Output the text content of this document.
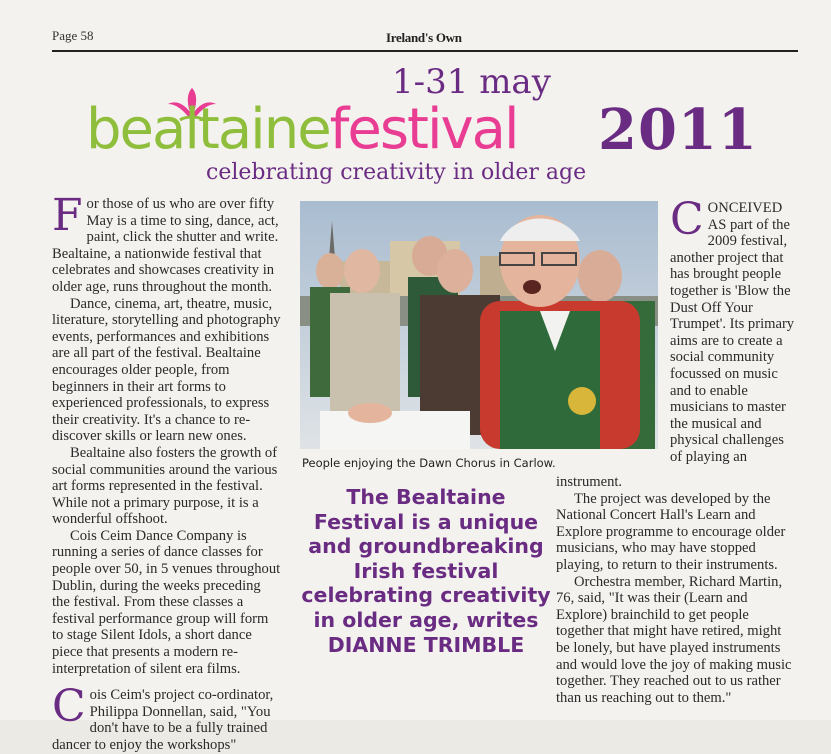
Page 58	Ireland's Own
1-31 may
bealtainefestival 2011
celebrating creativity in older age
F or those of us who are over fifty May is a time to sing, dance, act, paint, click the shutter and write. Bealtaine, a nationwide festival that celebrates and showcases creativity in older age, runs throughout the month.

Dance, cinema, art, theatre, music, literature, storytelling and photography events, performances and exhibitions are all part of the festival. Bealtaine encourages older people, from beginners in their art forms to experienced professionals, to express their creativity. It's a chance to re-discover skills or learn new ones.

Bealtaine also fosters the growth of social communities around the various art forms represented in the festival. While not a primary purpose, it is a wonderful offshoot.

Cois Ceim Dance Company is running a series of dance classes for people over 50, in 5 venues throughout Dublin, during the weeks preceding the festival. From these classes a festival performance group will form to stage Silent Idols, a short dance piece that presents a modern re-interpretation of silent era films.

C ois Ceim's project co-ordinator, Philippa Donnellan, said, "You don't have to be a fully trained dancer to enjoy the workshops"

People enjoying the Dawn Chorus in Carlow.
C ONCEIVED AS part of the 2009 festival, another project that has brought people together is 'Blow the Dust Off Your Trumpet'. Its primary aims are to create a social community focussed on music and to enable musicians to master the musical and physical challenges of playing an

The Bealtaine Festival is a unique and groundbreaking Irish festival celebrating creativity in older age, writes
DIANNE TRIMBLE

instrument.

The project was developed by the National Concert Hall's Learn and Explore programme to encourage older musicians, who may have stopped playing, to return to their instruments.

Orchestra member, Richard Martin, 76, said, "It was their (Learn and Explore) brainchild to get people together that might have retired, might be lonely, but have played instruments and would love the joy of making music together. They reached out to us rather than us reaching out to them."
